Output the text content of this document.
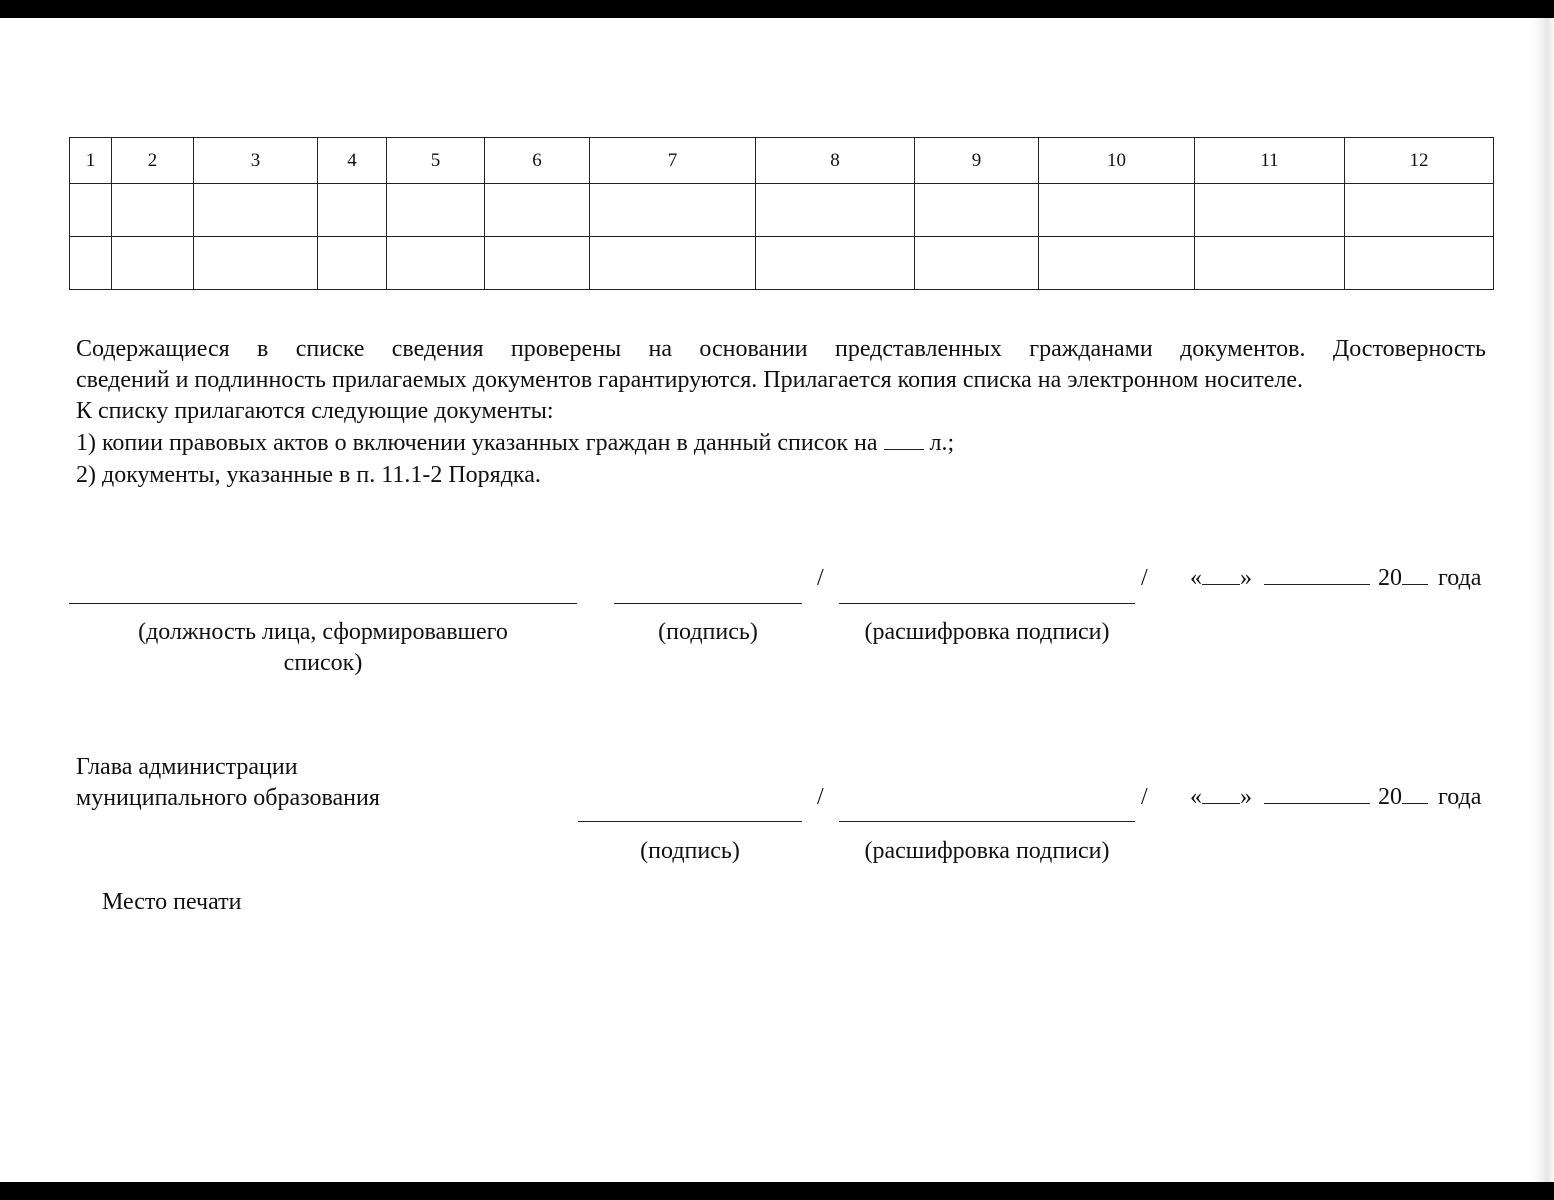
1	2	3	4	5	6	7	8	9	10	11	12

Содержащиеся в списке сведения проверены на основании представленных гражданами документов. Достоверность

сведений и подлинность прилагаемых документов гарантируются. Прилагается копия списка на электронном носителе.

К списку прилагаются следующие документы:

1) копии правовых актов о включении указанных граждан в данный список на л.;

2) документы, указанные в п. 11.1-2 Порядка.

/	/ « »	20 года
(должность лица, сформировавшего список)
(подпись)	(расшифровка подписи)
Глава администрации
муниципального образования	/	/ « »	20 года
(подпись)	(расшифровка подписи)
Место печати
